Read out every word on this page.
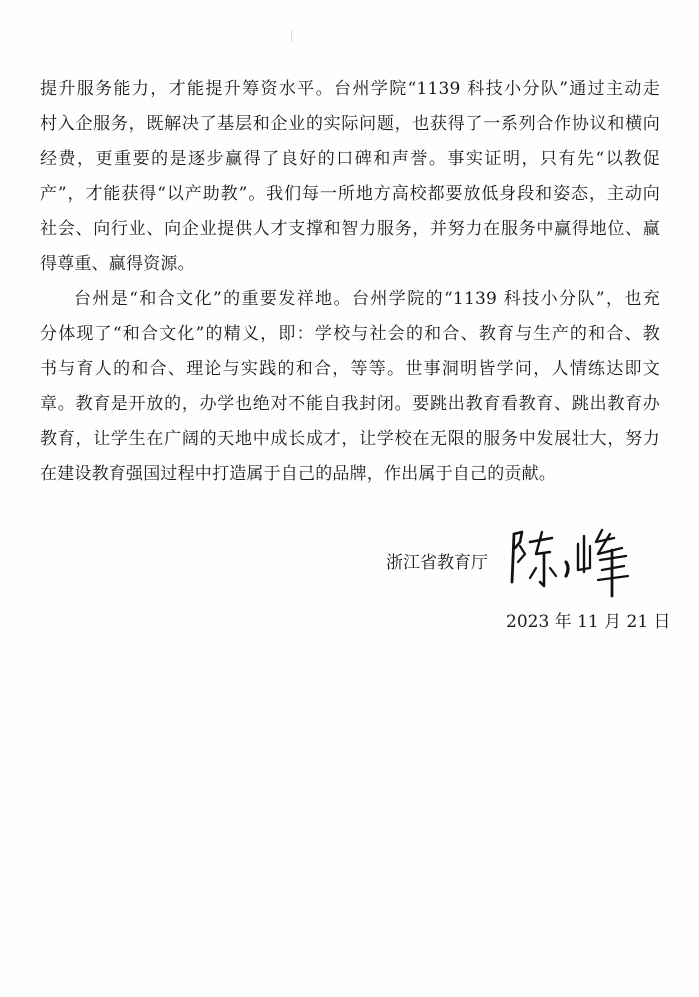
提升服务能力，才能提升筹资水平。台州学院“1139 科技小分队”通过主动走
村入企服务，既解决了基层和企业的实际问题，也获得了一系列合作协议和横向
经费，更重要的是逐步赢得了良好的口碑和声誉。事实证明，只有先“以教促
产”，才能获得“以产助教”。我们每一所地方高校都要放低身段和姿态，主动向
社会、向行业、向企业提供人才支撑和智力服务，并努力在服务中赢得地位、赢
得尊重、赢得资源。
台州是“和合文化”的重要发祥地。台州学院的“1139 科技小分队”，也充
分体现了“和合文化”的精义，即：学校与社会的和合、教育与生产的和合、教
书与育人的和合、理论与实践的和合，等等。世事洞明皆学问，人情练达即文
章。教育是开放的，办学也绝对不能自我封闭。要跳出教育看教育、跳出教育办
教育，让学生在广阔的天地中成长成才，让学校在无限的服务中发展壮大，努力
在建设教育强国过程中打造属于自己的品牌，作出属于自己的贡献。
浙江省教育厅
2023 年 11 月 21 日
